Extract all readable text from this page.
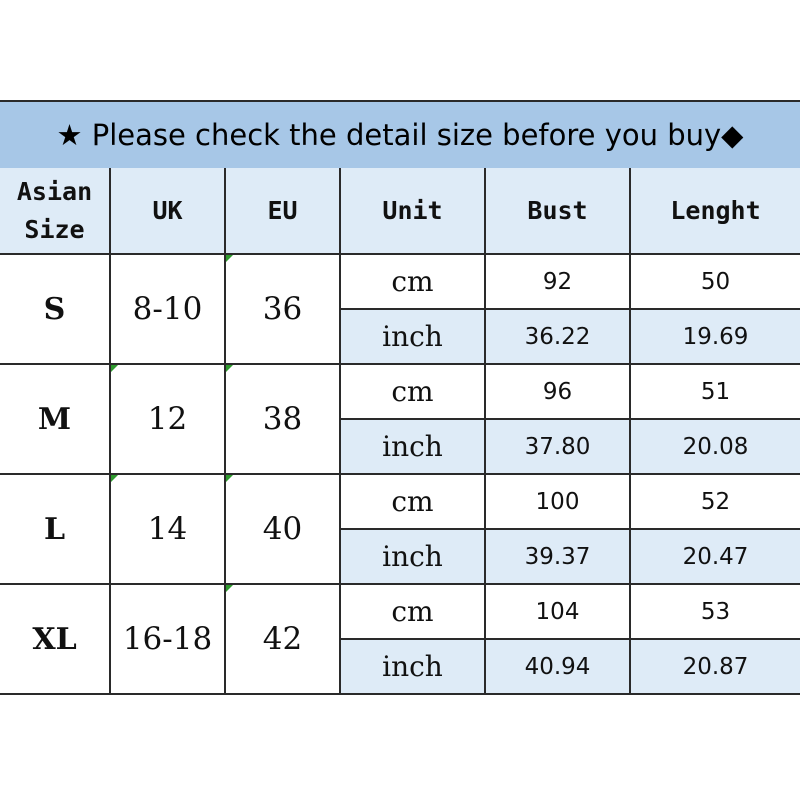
★
Please check the detail size before you buy ◆
Asian
Size	UK	EU	Unit	Bust	Lenght
S	8-10	36	cm	92	50
			inch	36.22	19.69
M	12	38	cm	96	51
			inch	37.80	20.08
L	14	40	cm	100	52
			inch	39.37	20.47
XL	16-18	42	cm	104	53
			inch	40.94	20.87
